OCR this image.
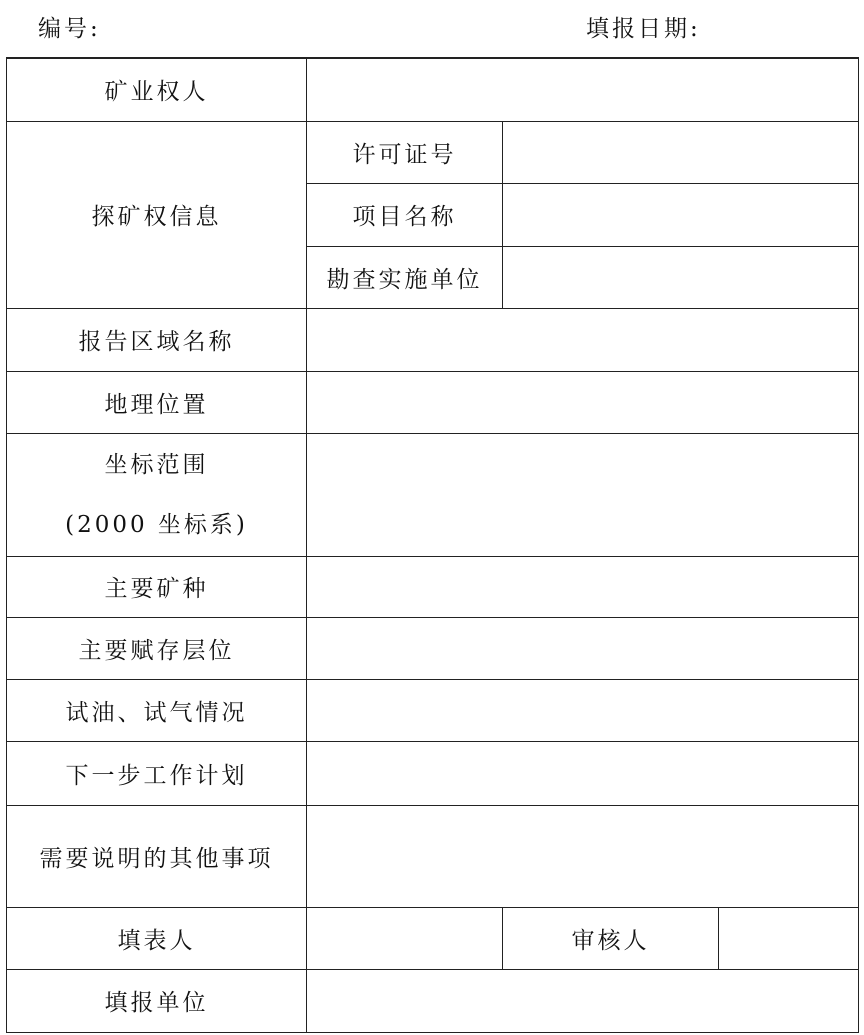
编号:	填报日期:
矿业权人			
探矿权信息	许可证号		
	项目名称		
	勘查实施单位		
报告区域名称			
地理位置			

坐标范围
(2000 坐标系)			

主要矿种			
主要赋存层位			
试油、试气情况			
下一步工作计划			
需要说明的其他事项			
填表人		审核人	
填报单位			
